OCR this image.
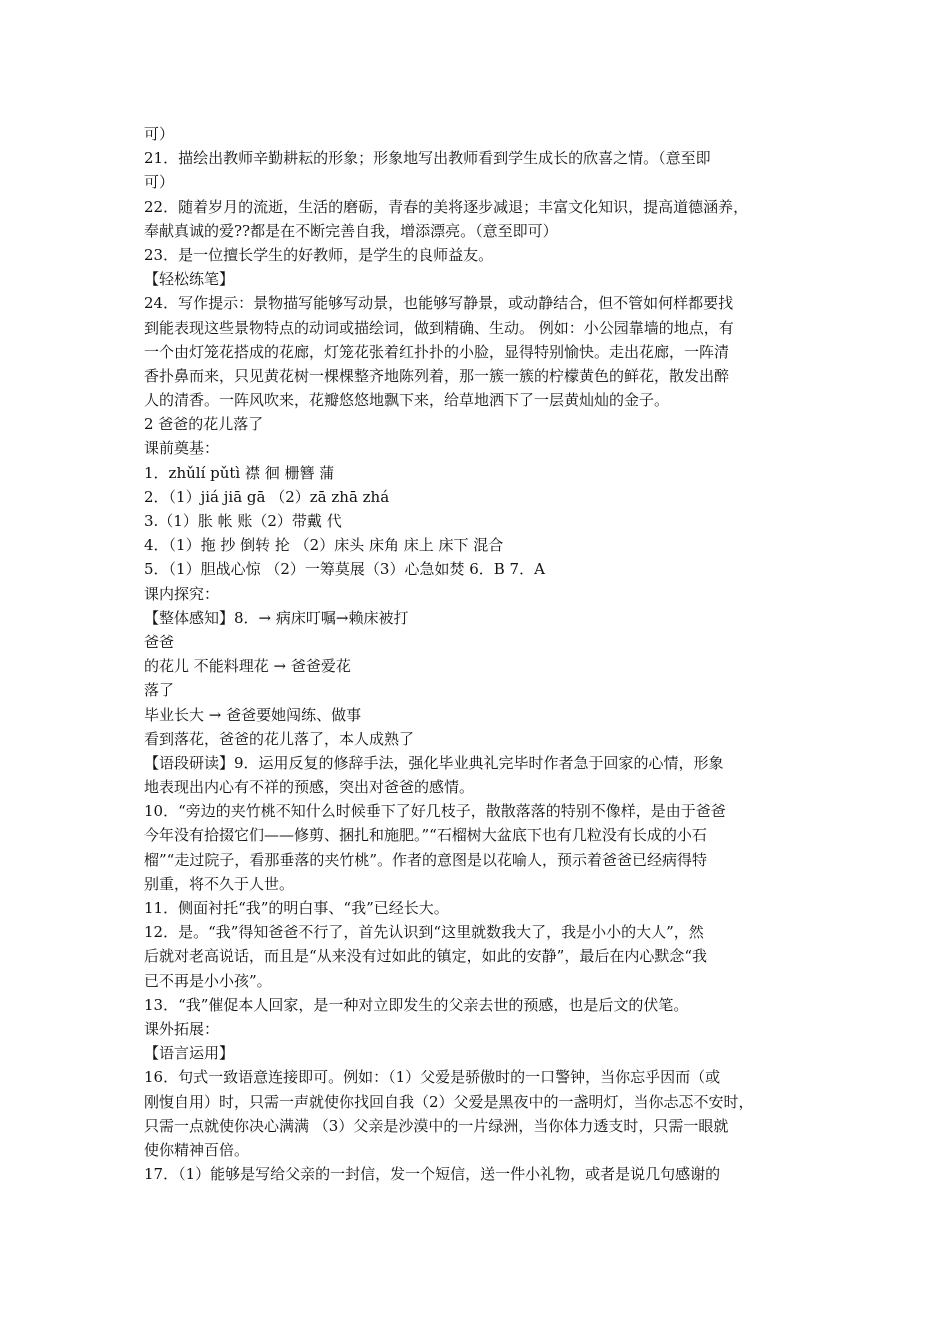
可）
21．描绘出教师辛勤耕耘的形象；形象地写出教师看到学生成长的欣喜之情。（意至即
可）
22．随着岁月的流逝，生活的磨砺，青春的美将逐步减退；丰富文化知识，提高道德涵养，
奉献真诚的爱??都是在不断完善自我，增添漂亮。（意至即可）
23．是一位擅长学生的好教师，是学生的良师益友。
【轻松练笔】
24．写作提示：景物描写能够写动景，也能够写静景，或动静结合，但不管如何样都要找
到能表现这些景物特点的动词或描绘词，做到精确、生动。 例如：小公园靠墙的地点，有
一个由灯笼花搭成的花廊，灯笼花张着红扑扑的小脸，显得特别愉快。走出花廊，一阵清
香扑鼻而来，只见黄花树一棵棵整齐地陈列着，那一簇一簇的柠檬黄色的鲜花，散发出醉
人的清香。一阵风吹来，花瓣悠悠地飘下来，给草地洒下了一层黄灿灿的金子。
2 爸爸的花儿落了
课前奠基：
1．zhǔlí pǔtì 襟 徊 栅簪 蒲
2．（1）jiá jiā gā （2）zā zhā zhá
3.（1）胀 帐 账（2）带戴 代
4．（1）拖 抄 倒转 抡 （2）床头 床角 床上 床下 混合
5．（1）胆战心惊 （2）一筹莫展（3）心急如焚 6．B 7．A
课内探究：
【整体感知】8．→ 病床叮嘱→赖床被打
爸爸
的花儿 不能料理花 → 爸爸爱花
落了
毕业长大 → 爸爸要她闯练、做事
看到落花，爸爸的花儿落了，本人成熟了
【语段研读】9．运用反复的修辞手法，强化毕业典礼完毕时作者急于回家的心情，形象
地表现出内心有不祥的预感，突出对爸爸的感情。
10．“旁边的夹竹桃不知什么时候垂下了好几枝子，散散落落的特别不像样，是由于爸爸
今年没有拾掇它们——修剪、捆扎和施肥。”“石榴树大盆底下也有几粒没有长成的小石
榴”“走过院子，看那垂落的夹竹桃”。作者的意图是以花喻人，预示着爸爸已经病得特
别重，将不久于人世。
11．侧面衬托“我”的明白事、“我”已经长大。
12．是。“我”得知爸爸不行了，首先认识到“这里就数我大了，我是小小的大人”，然
后就对老高说话，而且是“从来没有过如此的镇定，如此的安静”，最后在内心默念“我
已不再是小小孩”。
13．“我”催促本人回家，是一种对立即发生的父亲去世的预感，也是后文的伏笔。
课外拓展：
【语言运用】
16．句式一致语意连接即可。例如：（1）父爱是骄傲时的一口警钟，当你忘乎因而（或
刚愎自用）时，只需一声就使你找回自我（2）父爱是黑夜中的一盏明灯，当你忐忑不安时，
只需一点就使你决心满满 （3）父亲是沙漠中的一片绿洲，当你体力透支时，只需一眼就
使你精神百倍。
17．（1）能够是写给父亲的一封信，发一个短信，送一件小礼物，或者是说几句感谢的
